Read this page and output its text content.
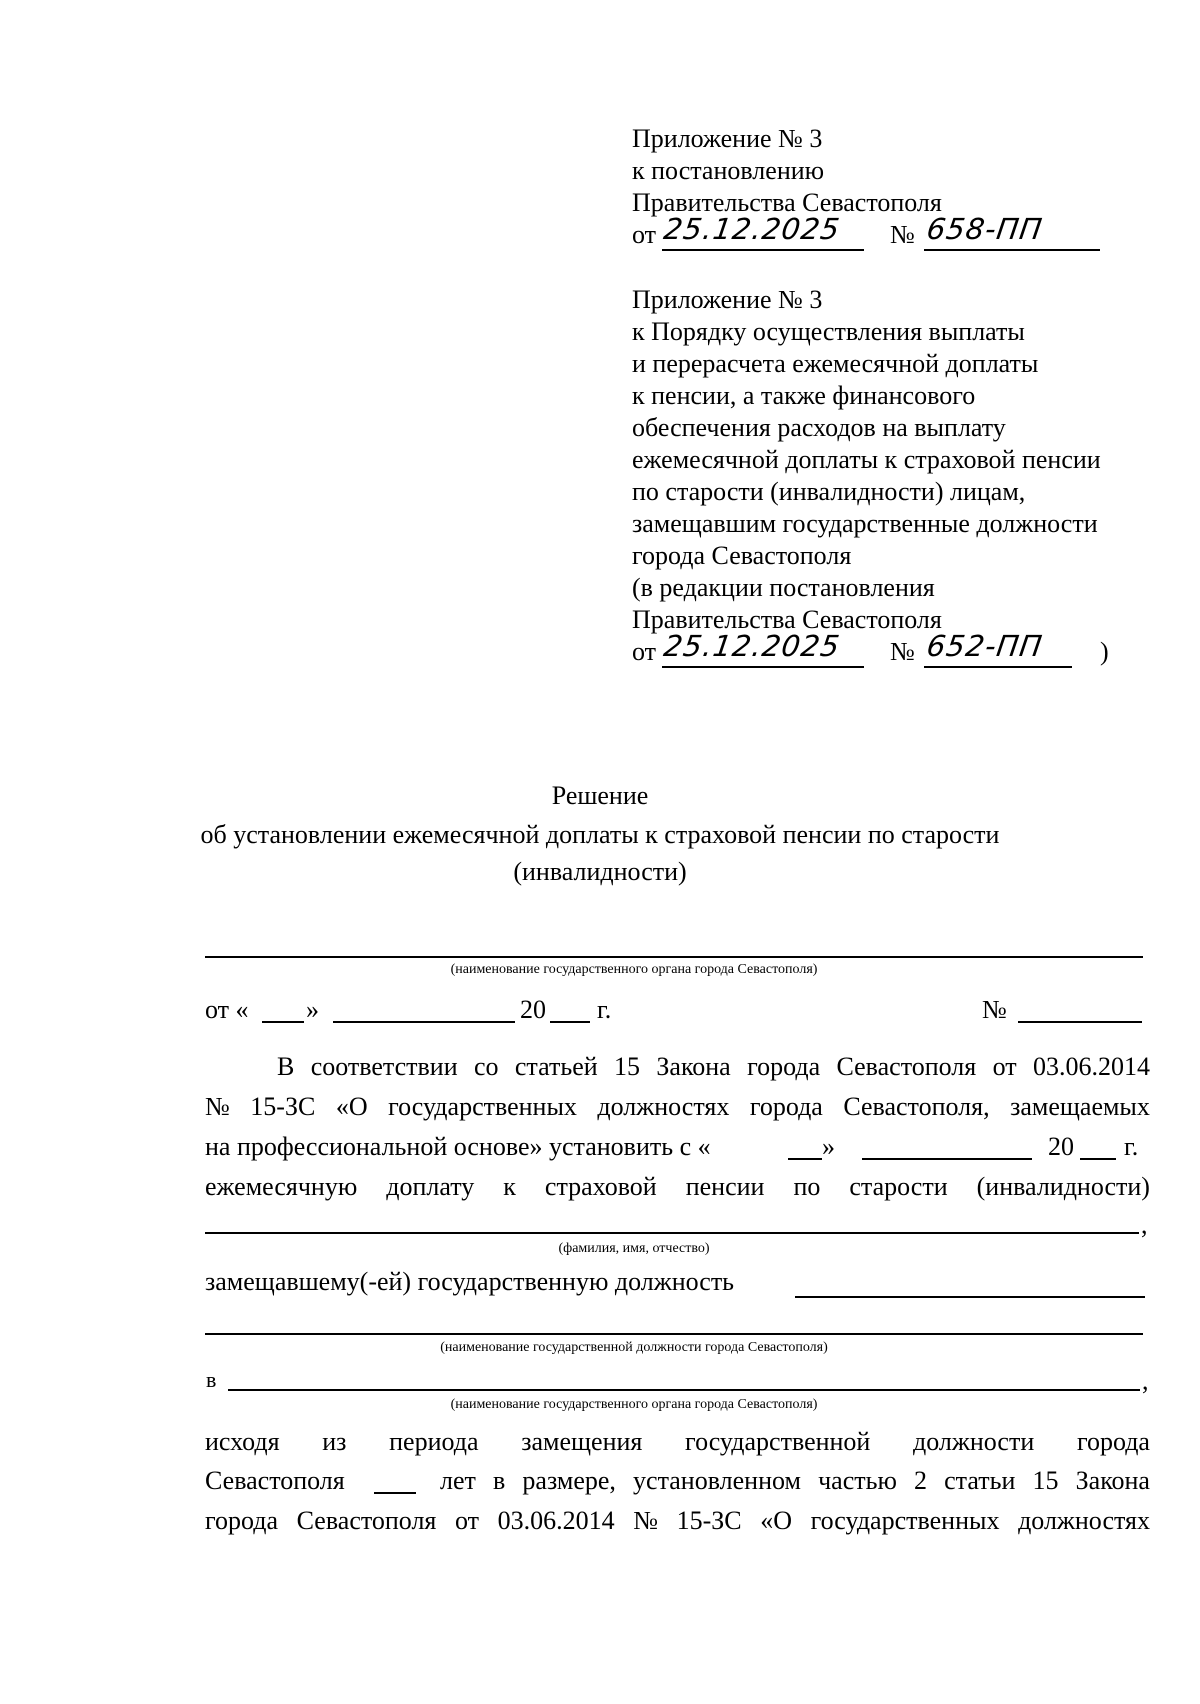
Приложение № 3
к постановлению
Правительства Севастополя
от 25.12.2025 № 658-ПП
Приложение № 3
к Порядку осуществления выплаты
и перерасчета ежемесячной доплаты
к пенсии, а также финансового
обеспечения расходов на выплату
ежемесячной доплаты к страховой пенсии
по старости (инвалидности) лицам,
замещавшим государственные должности
города Севастополя
(в редакции постановления
Правительства Севастополя
от 25.12.2025 № 652-ПП )
Решение
об установлении ежемесячной доплаты к страховой пенсии по старости
(инвалидности)
(наименование государственного органа города Севастополя)
от « »	20 г.	№
В соответствии со статьей 15 Закона города Севастополя от 03.06.2014
№ 15-ЗС «О государственных должностях города Севастополя, замещаемых
на профессиональной основе» установить с «	»	20 г.
ежемесячную доплату к страховой пенсии по старости (инвалидности)
,
(фамилия, имя, отчество)
замещавшему(-ей) государственную должность
(наименование государственной должности города Севастополя)
в	,
(наименование государственного органа города Севастополя)
исходя из периода замещения государственной должности города
Севастополя	лет в размере, установленном частью 2 статьи 15 Закона
города Севастополя от 03.06.2014 № 15-ЗС «О государственных должностях
